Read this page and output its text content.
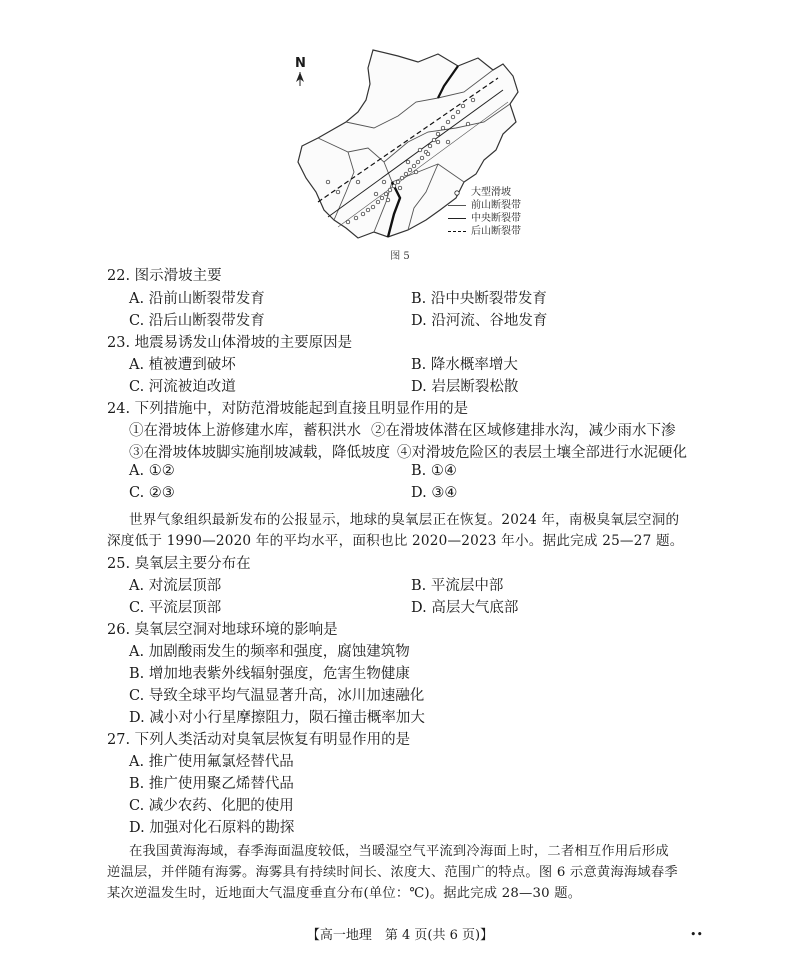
N
大型滑坡
前山断裂带
中央断裂带
后山断裂带
图 5
22. 图示滑坡主要
A. 沿前山断裂带发育	B. 沿中央断裂带发育
C. 沿后山断裂带发育	D. 沿河流、谷地发育
23. 地震易诱发山体滑坡的主要原因是
A. 植被遭到破坏	B. 降水概率增大
C. 河流被迫改道	D. 岩层断裂松散
24. 下列措施中，对防范滑坡能起到直接且明显作用的是
①在滑坡体上游修建水库，蓄积洪水 ②在滑坡体潜在区域修建排水沟，减少雨水下渗
③在滑坡体坡脚实施削坡减载，降低坡度 ④对滑坡危险区的表层土壤全部进行水泥硬化
A. ①②	B. ①④
C. ②③	D. ③④
世界气象组织最新发布的公报显示，地球的臭氧层正在恢复。2024 年，南极臭氧层空洞的
深度低于 1990—2020 年的平均水平，面积也比 2020—2023 年小。据此完成 25—27 题。
25. 臭氧层主要分布在
A. 对流层顶部	B. 平流层中部
C. 平流层顶部	D. 高层大气底部
26. 臭氧层空洞对地球环境的影响是
A. 加剧酸雨发生的频率和强度，腐蚀建筑物
B. 增加地表紫外线辐射强度，危害生物健康
C. 导致全球平均气温显著升高，冰川加速融化
D. 减小对小行星摩擦阻力，陨石撞击概率加大
27. 下列人类活动对臭氧层恢复有明显作用的是
A. 推广使用氟氯烃替代品
B. 推广使用聚乙烯替代品
C. 减少农药、化肥的使用
D. 加强对化石原料的勘探
在我国黄海海域，春季海面温度较低，当暖湿空气平流到冷海面上时，二者相互作用后形成
逆温层，并伴随有海雾。海雾具有持续时间长、浓度大、范围广的特点。图 6 示意黄海海域春季
某次逆温发生时，近地面大气温度垂直分布(单位：℃)。据此完成 28—30 题。
【高一地理　第 4 页(共 6 页)】	••
